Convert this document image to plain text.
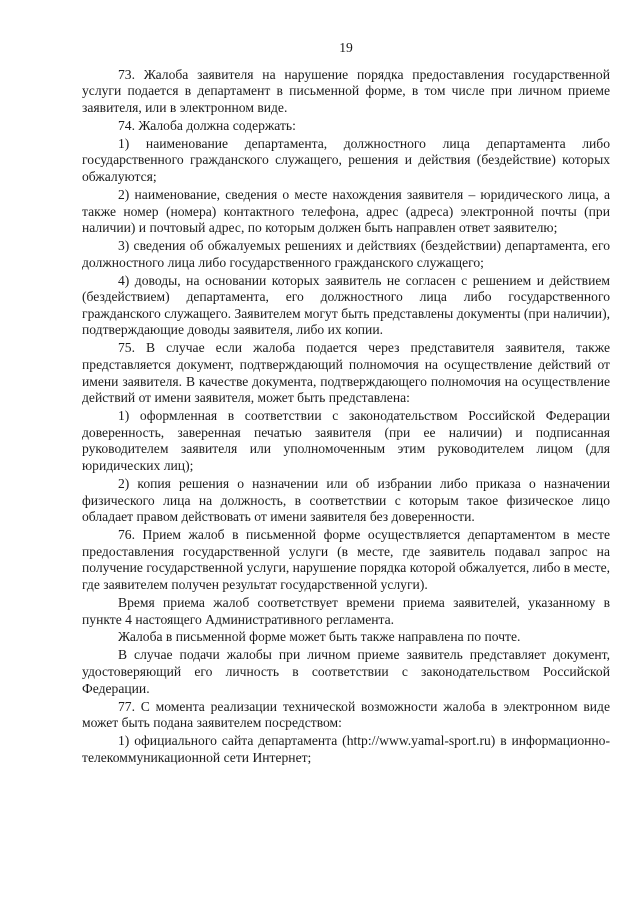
19

73. Жалоба заявителя на нарушение порядка предоставления государственной услуги подается в департамент в письменной форме, в том числе при личном приеме заявителя, или в электронном виде.

74. Жалоба должна содержать:

1) наименование департамента, должностного лица департамента либо государственного гражданского служащего, решения и действия (бездействие) которых обжалуются;

2) наименование, сведения о месте нахождения заявителя – юридического лица, а также номер (номера) контактного телефона, адрес (адреса) электронной почты (при наличии) и почтовый адрес, по которым должен быть направлен ответ заявителю;

3) сведения об обжалуемых решениях и действиях (бездействии) департамента, его должностного лица либо государственного гражданского служащего;

4) доводы, на основании которых заявитель не согласен с решением и действием (бездействием) департамента, его должностного лица либо государственного гражданского служащего. Заявителем могут быть представлены документы (при наличии), подтверждающие доводы заявителя, либо их копии.

75. В случае если жалоба подается через представителя заявителя, также представляется документ, подтверждающий полномочия на осуществление действий от имени заявителя. В качестве документа, подтверждающего полномочия на осуществление действий от имени заявителя, может быть представлена:

1) оформленная в соответствии с законодательством Российской Федерации доверенность, заверенная печатью заявителя (при ее наличии) и подписанная руководителем заявителя или уполномоченным этим руководителем лицом (для юридических лиц);

2) копия решения о назначении или об избрании либо приказа о назначении физического лица на должность, в соответствии с которым такое физическое лицо обладает правом действовать от имени заявителя без доверенности.

76. Прием жалоб в письменной форме осуществляется департаментом в месте предоставления государственной услуги (в месте, где заявитель подавал запрос на получение государственной услуги, нарушение порядка которой обжалуется, либо в месте, где заявителем получен результат государственной услуги).

Время приема жалоб соответствует времени приема заявителей, указанному в пункте 4 настоящего Административного регламента.

Жалоба в письменной форме может быть также направлена по почте.

В случае подачи жалобы при личном приеме заявитель представляет документ, удостоверяющий его личность в соответствии с законодательством Российской Федерации.

77. С момента реализации технической возможности жалоба в электронном виде может быть подана заявителем посредством:

1) официального сайта департамента (http://www.yamal-sport.ru) в информационно-телекоммуникационной сети Интернет;
